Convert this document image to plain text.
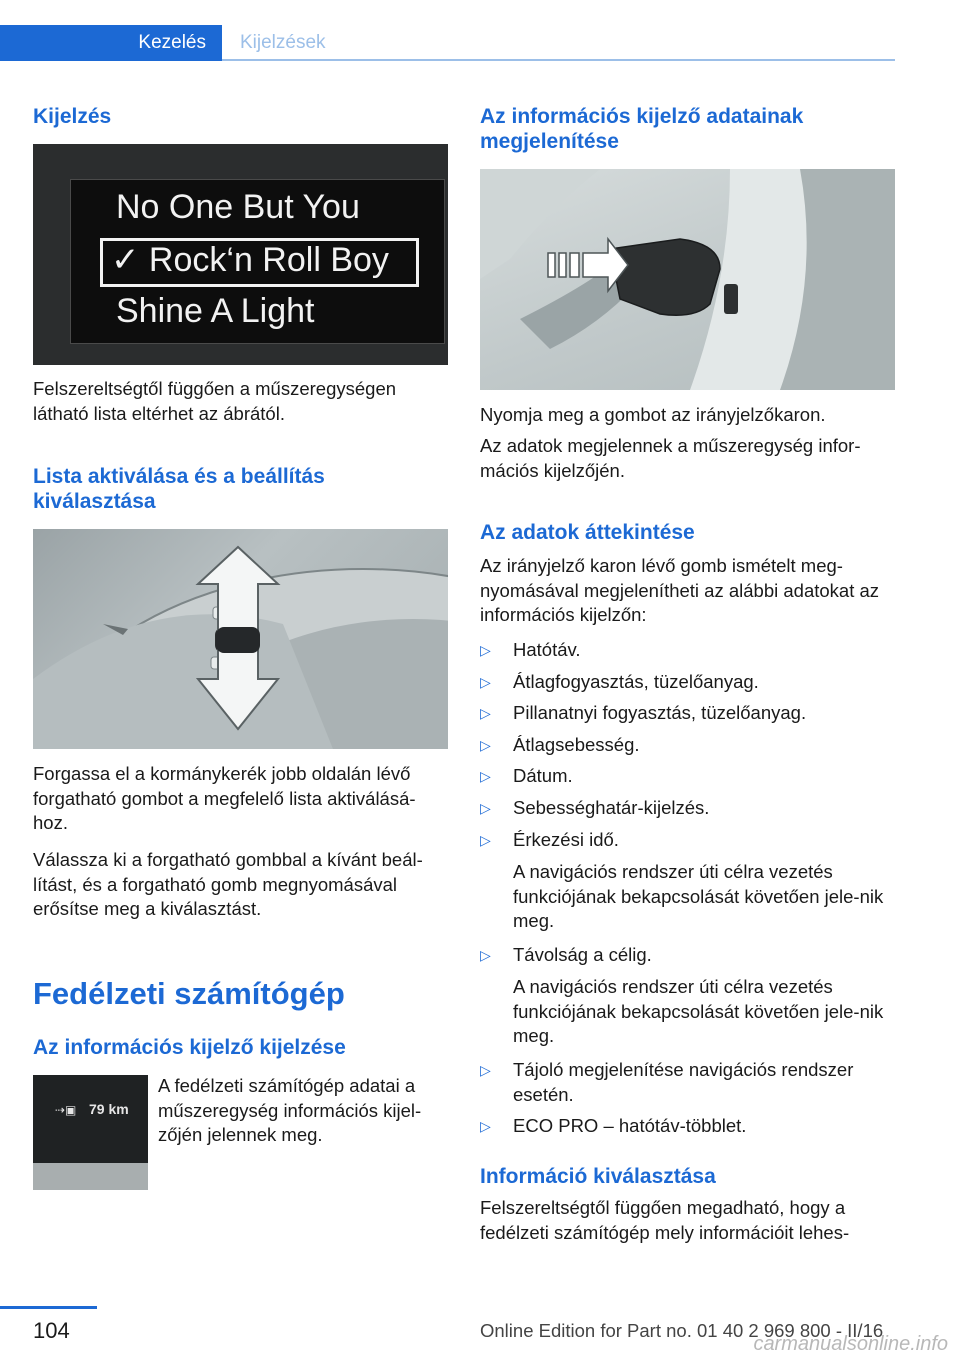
Kezelés	Kijelzések
Kijelzés
No One But You
✓ Rock‘n Roll Boy
Shine A Light

Felszereltségtől függően a műszeregységen látható lista eltérhet az ábrától.

Lista aktiválása és a beállítás kiválasztása

Forgassa el a kormánykerék jobb oldalán lévő forgatható gombot a megfelelő lista aktiválásá‐hoz.

Válassza ki a forgatható gombbal a kívánt beál‐lítást, és a forgatható gomb megnyomásával erősítse meg a kiválasztást.

Fedélzeti számítógép
Az információs kijelző kijelzése
⇢▣ 79 km

A fedélzeti számítógép adatai a műszeregység információs kijel‐zőjén jelennek meg.

Az információs kijelző adatainak megjelenítése

Nyomja meg a gombot az irányjelzőkaron.

Az adatok megjelennek a műszeregység infor‐mációs kijelzőjén.

Az adatok áttekintése

Az irányjelző karon lévő gomb ismételt meg‐nyomásával megjelenítheti az alábbi adatokat az információs kijelzőn:

▷ Hatótáv.
▷ Átlagfogyasztás, tüzelőanyag.
▷ Pillanatnyi fogyasztás, tüzelőanyag.
▷ Átlagsebesség.
▷ Dátum.
▷ Sebességhatár-kijelzés.
▷ Érkezési idő.
A navigációs rendszer úti célra vezetés funkciójának bekapcsolását követően jele‐nik meg.
▷ Távolság a célig.
A navigációs rendszer úti célra vezetés funkciójának bekapcsolását követően jele‐nik meg.
▷ Tájoló megjelenítése navigációs rendszer esetén.
▷ ECO PRO – hatótáv-többlet.
Információ kiválasztása

Felszereltségtől függően megadható, hogy a fedélzeti számítógép mely információit lehes‐

104	Online Edition for Part no. 01 40 2 969 800 - II/16
carmanualsonline.info
